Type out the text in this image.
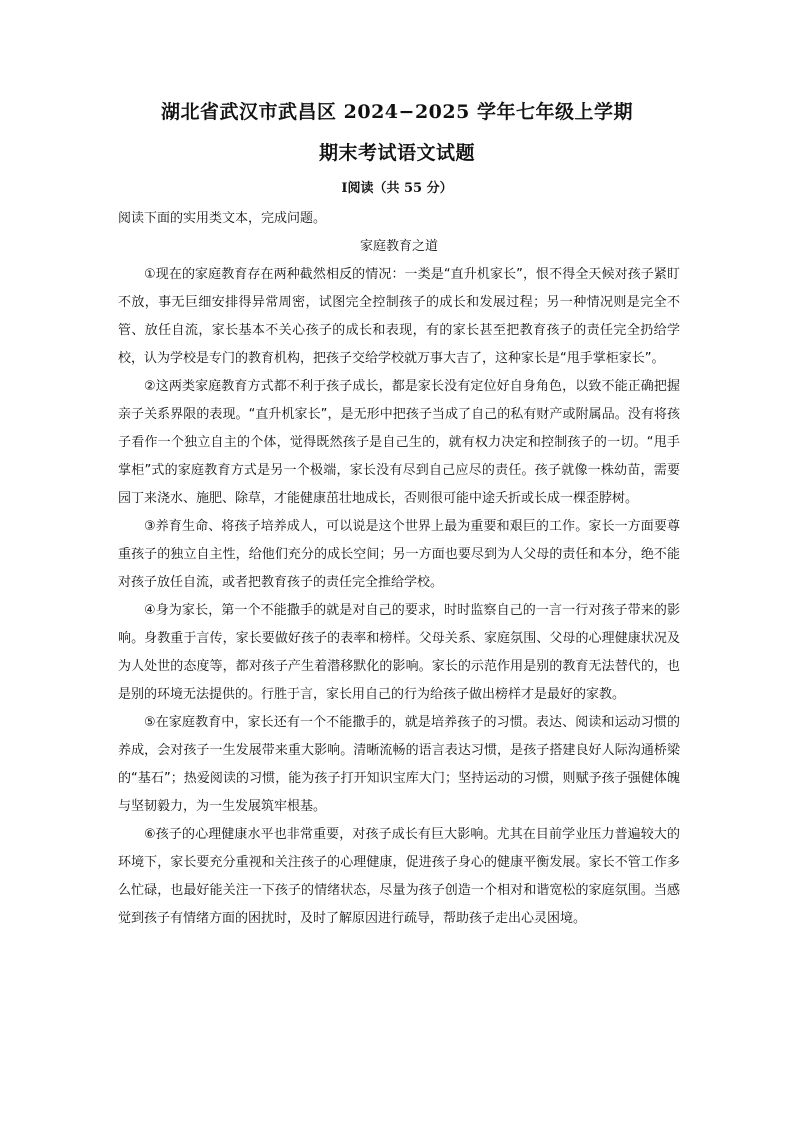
湖北省武汉市武昌区 2024−2025 学年七年级上学期
期末考试语文试题
Ⅰ阅读（共 55 分）

阅读下面的实用类文本，完成问题。

家庭教育之道

①现在的家庭教育存在两种截然相反的情况：一类是“直升机家长”，恨不得全天候对孩子紧盯不放，事无巨细安排得异常周密，试图完全控制孩子的成长和发展过程；另一种情况则是完全不管、放任自流，家长基本不关心孩子的成长和表现，有的家长甚至把教育孩子的责任完全扔给学校，认为学校是专门的教育机构，把孩子交给学校就万事大吉了，这种家长是“甩手掌柜家长”。

②这两类家庭教育方式都不利于孩子成长，都是家长没有定位好自身角色，以致不能正确把握亲子关系界限的表现。“直升机家长”，是无形中把孩子当成了自己的私有财产或附属品。没有将孩子看作一个独立自主的个体，觉得既然孩子是自己生的，就有权力决定和控制孩子的一切。“甩手掌柜”式的家庭教育方式是另一个极端，家长没有尽到自己应尽的责任。孩子就像一株幼苗，需要园丁来浇水、施肥、除草，才能健康茁壮地成长，否则很可能中途夭折或长成一棵歪脖树。

③养育生命、将孩子培养成人，可以说是这个世界上最为重要和艰巨的工作。家长一方面要尊重孩子的独立自主性，给他们充分的成长空间；另一方面也要尽到为人父母的责任和本分，绝不能对孩子放任自流，或者把教育孩子的责任完全推给学校。

④身为家长，第一个不能撒手的就是对自己的要求，时时监察自己的一言一行对孩子带来的影响。身教重于言传，家长要做好孩子的表率和榜样。父母关系、家庭氛围、父母的心理健康状况及为人处世的态度等，都对孩子产生着潜移默化的影响。家长的示范作用是别的教育无法替代的，也是别的环境无法提供的。行胜于言，家长用自己的行为给孩子做出榜样才是最好的家教。

⑤在家庭教育中，家长还有一个不能撒手的，就是培养孩子的习惯。表达、阅读和运动习惯的养成，会对孩子一生发展带来重大影响。清晰流畅的语言表达习惯，是孩子搭建良好人际沟通桥梁的“基石”；热爱阅读的习惯，能为孩子打开知识宝库大门；坚持运动的习惯，则赋予孩子强健体魄与坚韧毅力，为一生发展筑牢根基。

⑥孩子的心理健康水平也非常重要，对孩子成长有巨大影响。尤其在目前学业压力普遍较大的环境下，家长要充分重视和关注孩子的心理健康，促进孩子身心的健康平衡发展。家长不管工作多么忙碌，也最好能关注一下孩子的情绪状态，尽量为孩子创造一个相对和谐宽松的家庭氛围。当感觉到孩子有情绪方面的困扰时，及时了解原因进行疏导，帮助孩子走出心灵困境。
